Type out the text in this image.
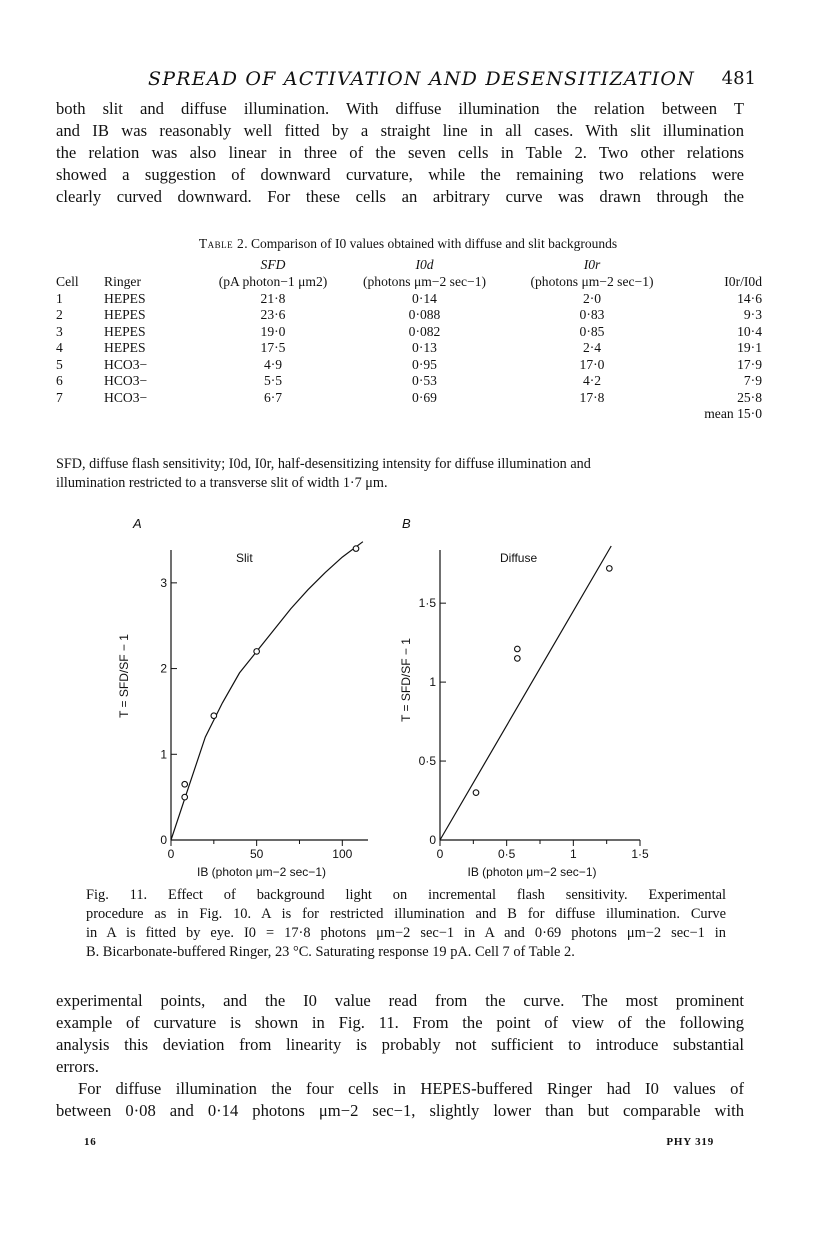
SPREAD OF ACTIVATION AND DESENSITIZATION 481
both slit and diffuse illumination. With diffuse illumination the relation between T
and IB was reasonably well fitted by a straight line in all cases. With slit illumination
the relation was also linear in three of the seven cells in Table 2. Two other relations
showed a suggestion of downward curvature, while the remaining two relations were
clearly curved downward. For these cells an arbitrary curve was drawn through the
Table 2. Comparison of I0 values obtained with diffuse and slit backgrounds
		SFD	I0d	I0r	
Cell	Ringer	(pA photon−1 μm2)	(photons μm−2 sec−1)	(photons μm−2 sec−1)	I0r/I0d
1	HEPES	21·8	0·14	2·0	14·6
2	HEPES	23·6	0·088	0·83	9·3
3	HEPES	19·0	0·082	0·85	10·4
4	HEPES	17·5	0·13	2·4	19·1
5	HCO3−	4·9	0·95	17·0	17·9
6	HCO3−	5·5	0·53	4·2	7·9
7	HCO3−	6·7	0·69	17·8	25·8
mean 15·0					
SFD, diffuse flash sensitivity; I0d, I0r, half-desensitizing intensity for diffuse illumination and
illumination restricted to a transverse slit of width 1·7 μm.
A
Slit
0	50	100
0
1
2
3
IB (photon μm−2 sec−1)
T = SFD/SF − 1
B
Diffuse
0	0·5	1	1·5
0
0·5
1
1·5
IB (photon μm−2 sec−1)
T = SFD/SF − 1
Fig. 11. Effect of background light on incremental flash sensitivity. Experimental
procedure as in Fig. 10. A is for restricted illumination and B for diffuse illumination. Curve
in A is fitted by eye. I0 = 17·8 photons μm−2 sec−1 in A and 0·69 photons μm−2 sec−1 in
B. Bicarbonate-buffered Ringer, 23 °C. Saturating response 19 pA. Cell 7 of Table 2.
experimental points, and the I0 value read from the curve. The most prominent
example of curvature is shown in Fig. 11. From the point of view of the following
analysis this deviation from linearity is probably not sufficient to introduce substantial
errors.
For diffuse illumination the four cells in HEPES-buffered Ringer had I0 values of
between 0·08 and 0·14 photons μm−2 sec−1, slightly lower than but comparable with
16	PHY 319
